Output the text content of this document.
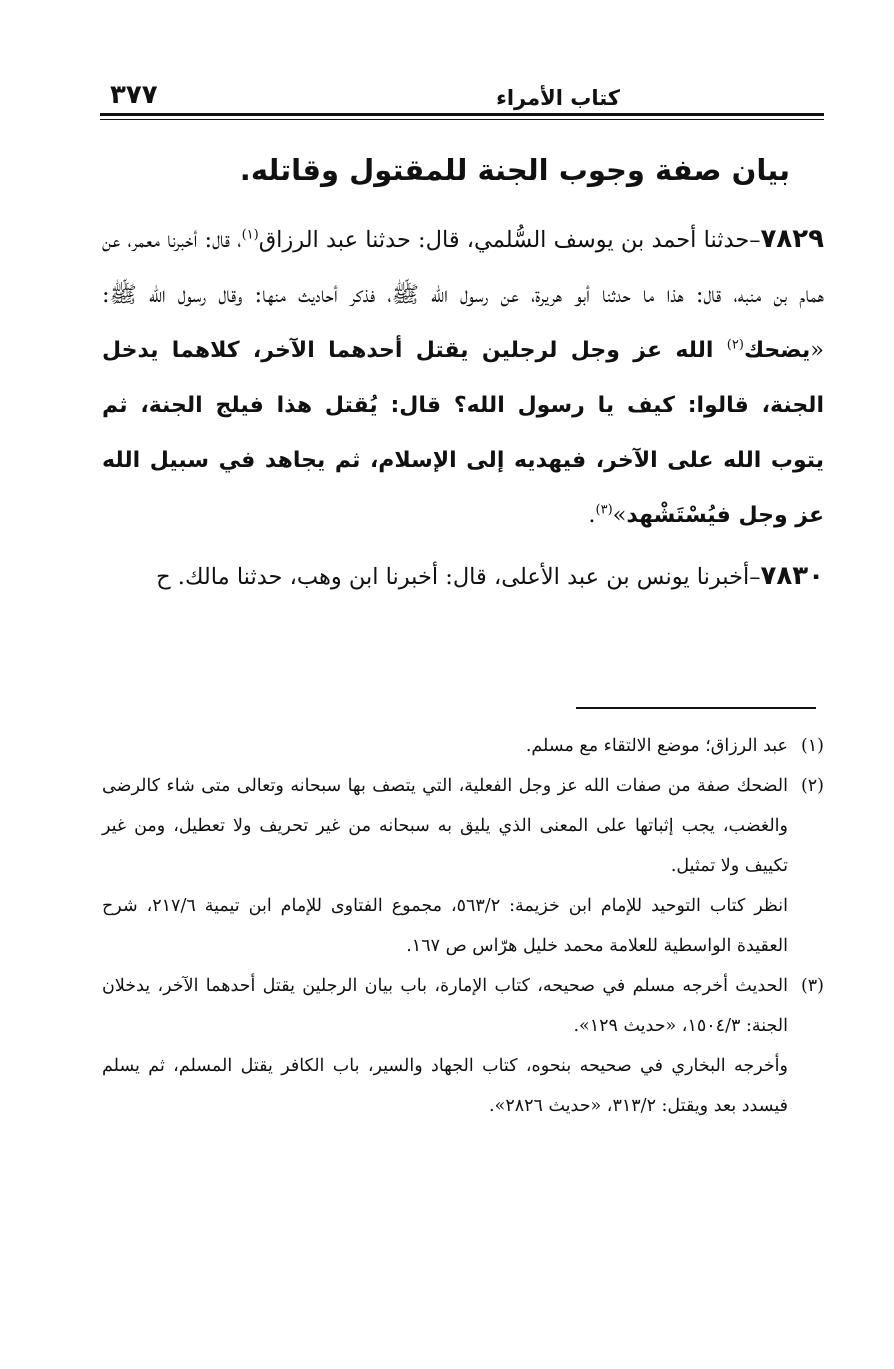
كتاب الأمراء
٣٧٧
بيان صفة وجوب الجنة للمقتول وقاتله.

٧٨٢٩–حدثنا أحمد بن يوسف السُّلمي، قال: حدثنا عبد الرزاق$^{(١)}$، قال: أخبرنا معمر، عن همام بن منبه، قال: هذا ما حدثنا أبو هريرة، عن رسول الله ﷺ، فذكر أحاديث منها: وقال رسول الله ﷺ: «يضحك$^{(٢)}$ الله عز وجل لرجلين يقتل أحدهما الآخر، كلاهما يدخل الجنة، قالوا: كيف يا رسول الله؟ قال: يُقتل هذا فيلج الجنة، ثم يتوب الله على الآخر، فيهديه إلى الإسلام، ثم يجاهد في سبيل الله عز وجل فيُسْتَشْهد»$^{(٣)}$.

٧٨٣٠–أخبرنا يونس بن عبد الأعلى، قال: أخبرنا ابن وهب، حدثنا مالك. ح

(١)
عبد الرزاق؛ موضع الالتقاء مع مسلم.
(٢)
الضحك صفة من صفات الله عز وجل الفعلية، التي يتصف بها سبحانه وتعالى متى شاء كالرضى والغضب، يجب إثباتها على المعنى الذي يليق به سبحانه من غير تحريف ولا تعطيل، ومن غير تكييف ولا تمثيل.
انظر كتاب التوحيد للإمام ابن خزيمة: ٥٦٣/٢، مجموع الفتاوى للإمام ابن تيمية ٢١٧/٦، شرح العقيدة الواسطية للعلامة محمد خليل هرّاس ص ١٦٧.
(٣)
الحديث أخرجه مسلم في صحيحه، كتاب الإمارة، باب بيان الرجلين يقتل أحدهما الآخر، يدخلان الجنة: ١٥٠٤/٣، «حديث ١٢٩».
وأخرجه البخاري في صحيحه بنحوه، كتاب الجهاد والسير، باب الكافر يقتل المسلم، ثم يسلم فيسدد بعد ويقتل: ٣١٣/٢، «حديث ٢٨٢٦».
